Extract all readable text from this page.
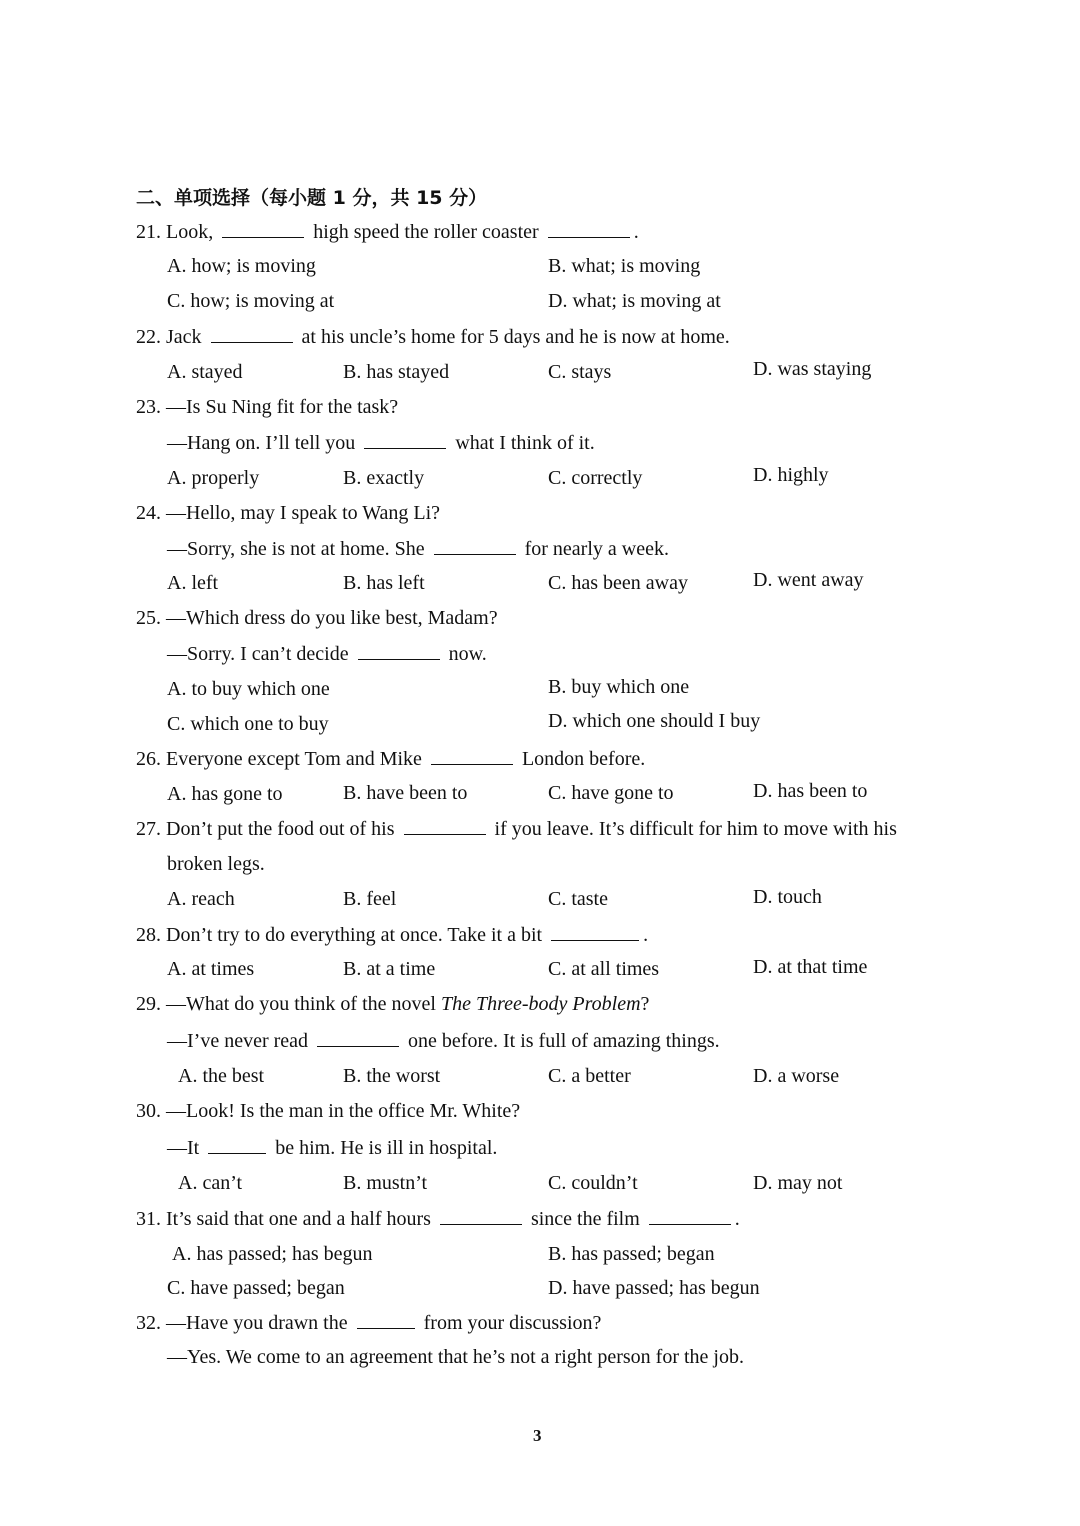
二、单项选择（每小题 1 分，共 15 分）
21. Look,	high speed the roller coaster	.
A. how; is moving	B. what; is moving
C. how; is moving at	D. what; is moving at
22. Jack	at his uncle’s home for 5 days and he is now at home.
A. stayed	B. has stayed	C. stays	D. was staying
23. —Is Su Ning fit for the task?
—Hang on. I’ll tell you	what I think of it.
A. properly	B. exactly	C. correctly	D. highly
24. —Hello, may I speak to Wang Li?
—Sorry, she is not at home. She	for nearly a week.
A. left	B. has left	C. has been away	D. went away
25. —Which dress do you like best, Madam?
—Sorry. I can’t decide	now.
A. to buy which one	B. buy which one
C. which one to buy	D. which one should I buy
26. Everyone except Tom and Mike	London before.
A. has gone to	B. have been to	C. have gone to	D. has been to
27. Don’t put the food out of his	if you leave. It’s difficult for him to move with his
broken legs.
A. reach	B. feel	C. taste	D. touch
28. Don’t try to do everything at once. Take it a bit	.
A. at times	B. at a time	C. at all times	D. at that time
29. —What do you think of the novel The Three-body Problem?
—I’ve never read	one before. It is full of amazing things.
A. the best	B. the worst	C. a better	D. a worse
30. —Look! Is the man in the office Mr. White?
—It	be him. He is ill in hospital.
A. can’t	B. mustn’t	C. couldn’t	D. may not
31. It’s said that one and a half hours	since the film	.
A. has passed; has begun	B. has passed; began
C. have passed; began	D. have passed; has begun
32. —Have you drawn the	from your discussion?
—Yes. We come to an agreement that he’s not a right person for the job.
3
